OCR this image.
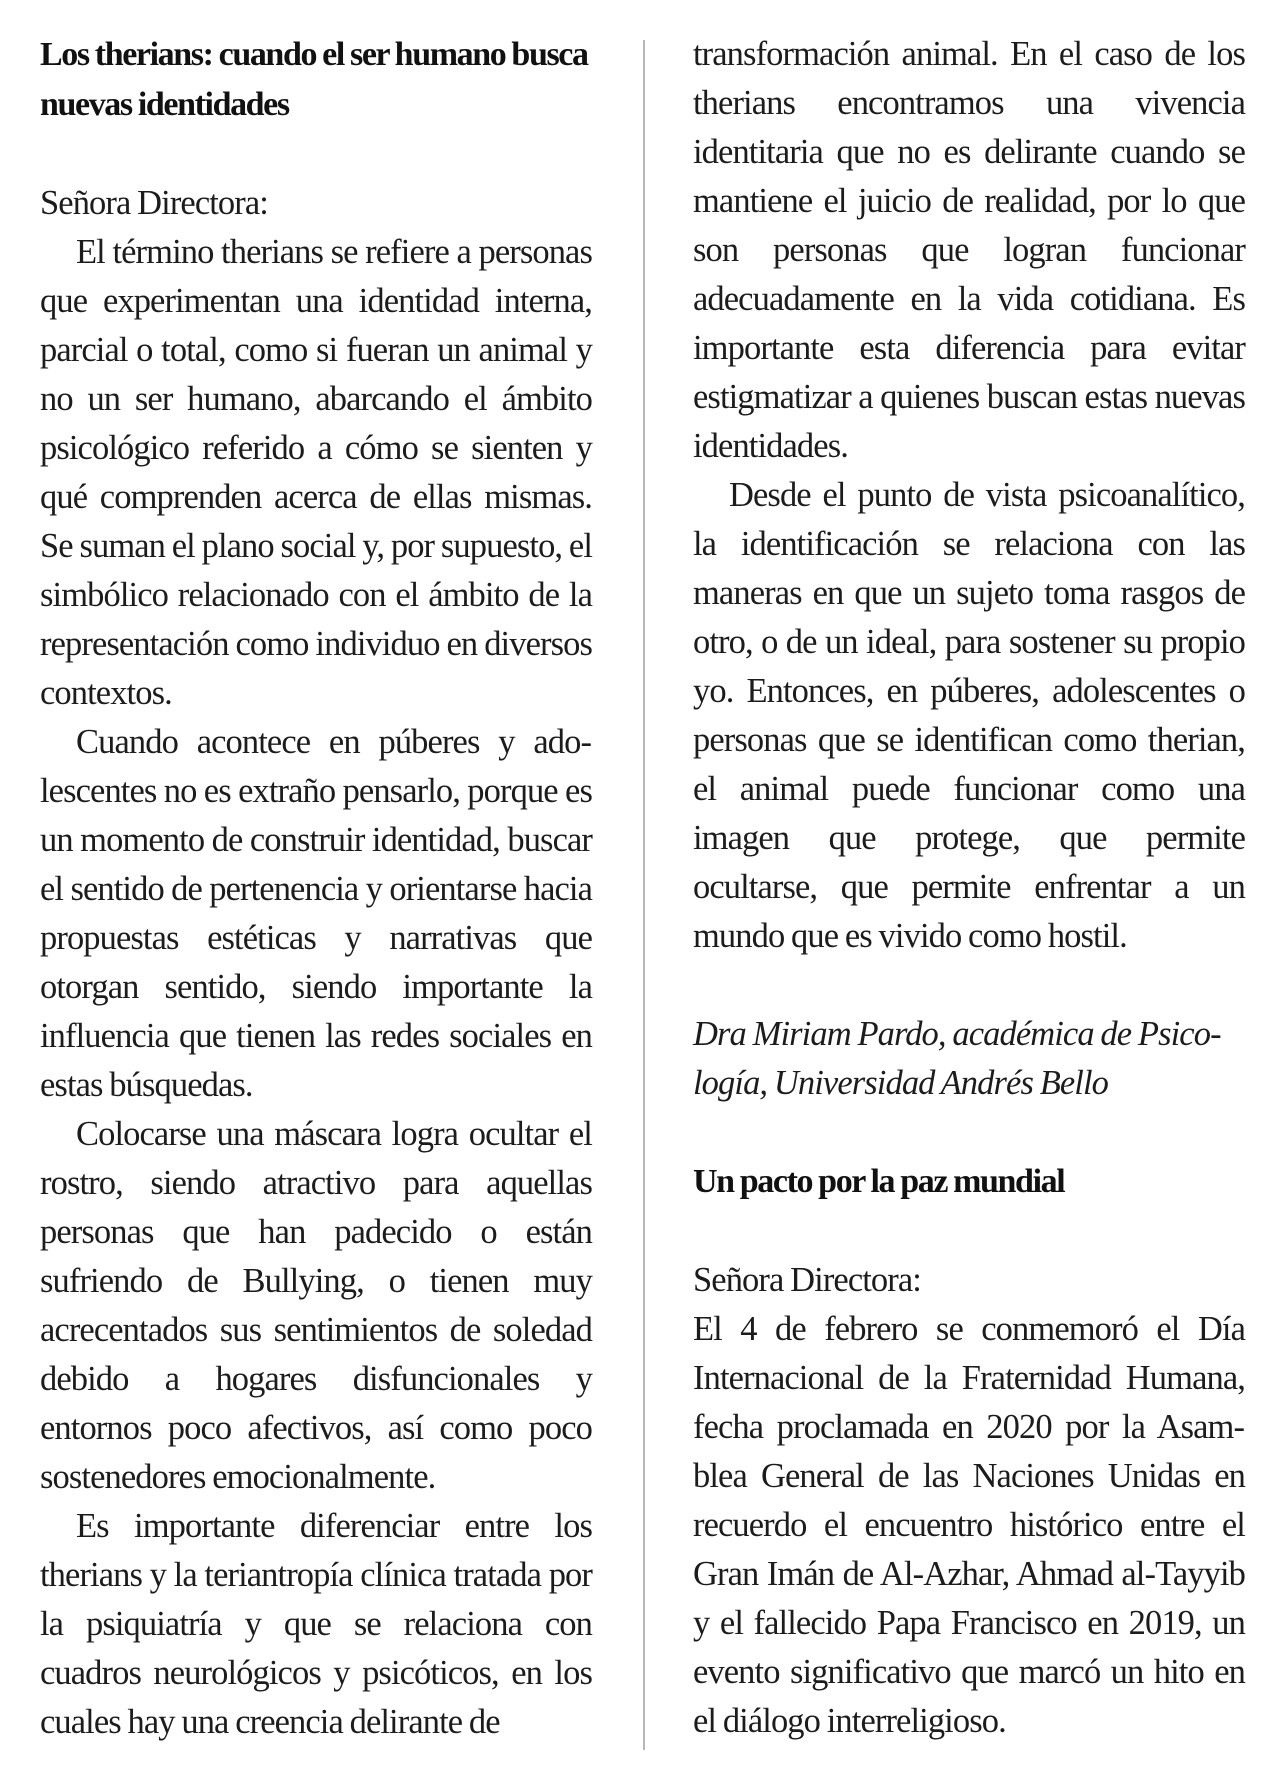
Los therians: cuando el ser humano busca nuevas identidades

Señora Directora:

El término therians se refiere a personas que experimentan una identidad interna, parcial o total, como si fueran un animal y no un ser humano, abarcando el ámbito psicológico referido a cómo se sienten y qué comprenden acerca de ellas mismas. Se suman el plano social y, por supuesto, el simbólico relacionado con el ámbito de la representación como individuo en diversos contextos.

Cuando acontece en púberes y adolescentes no es extraño pensarlo, porque es un momento de construir identidad, buscar el sentido de pertenencia y orientarse hacia propuestas estéticas y narrativas que otorgan sentido, siendo importante la influencia que tienen las redes sociales en estas búsquedas.

Colocarse una máscara logra ocultar el rostro, siendo atractivo para aquellas personas que han padecido o están sufriendo de Bullying, o tienen muy acrecentados sus sentimientos de soledad debido a hogares disfuncionales y entornos poco afectivos, así como poco sostenedores emocionalmente.

Es importante diferenciar entre los therians y la teriantropía clínica tratada por la psiquiatría y que se relaciona con cuadros neurológicos y psicóticos, en los cuales hay una creencia delirante de

transformación animal. En el caso de los therians encontramos una vivencia identitaria que no es delirante cuando se mantiene el juicio de realidad, por lo que son personas que logran funcionar adecuadamente en la vida cotidiana. Es importante esta diferencia para evitar estigmatizar a quienes buscan estas nuevas identidades.

Desde el punto de vista psicoanalítico, la identificación se relaciona con las maneras en que un sujeto toma rasgos de otro, o de un ideal, para sostener su propio yo. Entonces, en púberes, adolescentes o personas que se identifican como therian, el animal puede funcionar como una imagen que protege, que permite ocultarse, que permite enfrentar a un mundo que es vivido como hostil.

Dra Miriam Pardo, académica de Psicología, Universidad Andrés Bello

Un pacto por la paz mundial

Señora Directora:

El 4 de febrero se conmemoró el Día Internacional de la Fraternidad Humana, fecha proclamada en 2020 por la Asamblea General de las Naciones Unidas en recuerdo el encuentro histórico entre el Gran Imán de Al-Azhar, Ahmad al-Tayyib y el fallecido Papa Francisco en 2019, un evento significativo que marcó un hito en el diálogo interreligioso.
